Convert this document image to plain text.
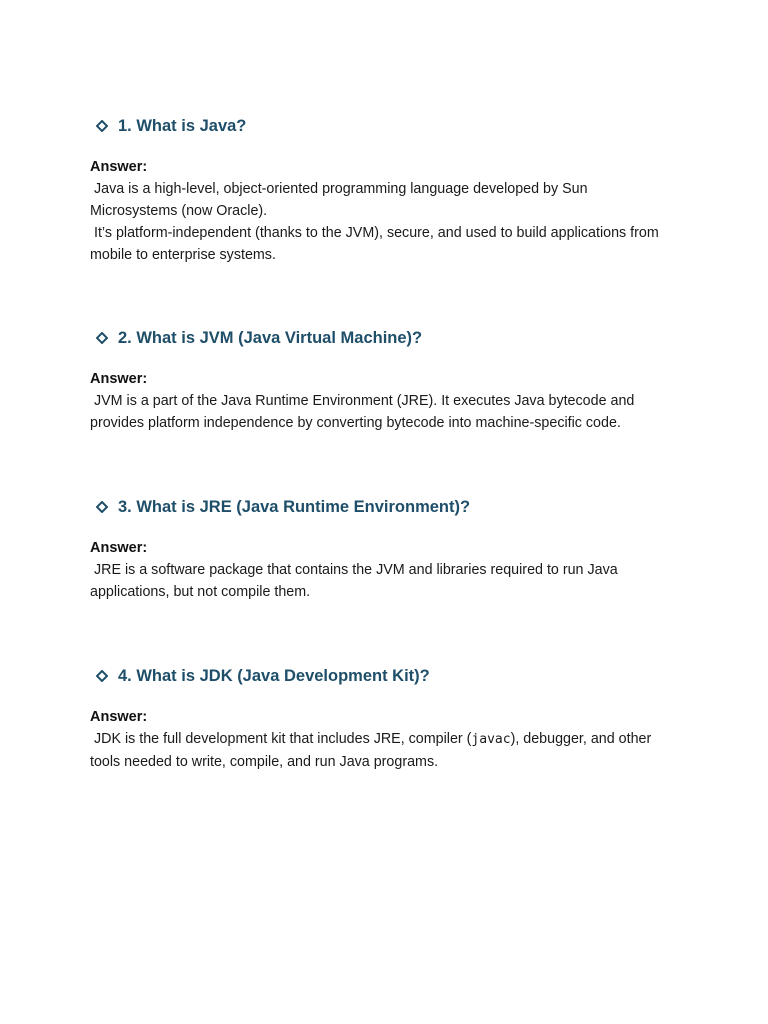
1. What is Java?
Answer:

Java is a high-level, object-oriented programming language developed by Sun
Microsystems (now Oracle).

It’s platform-independent (thanks to the JVM), secure, and used to build applications from
mobile to enterprise systems.

2. What is JVM (Java Virtual Machine)?
Answer:

JVM is a part of the Java Runtime Environment (JRE). It executes Java bytecode and
provides platform independence by converting bytecode into machine-specific code.

3. What is JRE (Java Runtime Environment)?
Answer:

JRE is a software package that contains the JVM and libraries required to run Java
applications, but not compile them.

4. What is JDK (Java Development Kit)?
Answer:

JDK is the full development kit that includes JRE, compiler (javac), debugger, and other
tools needed to write, compile, and run Java programs.
